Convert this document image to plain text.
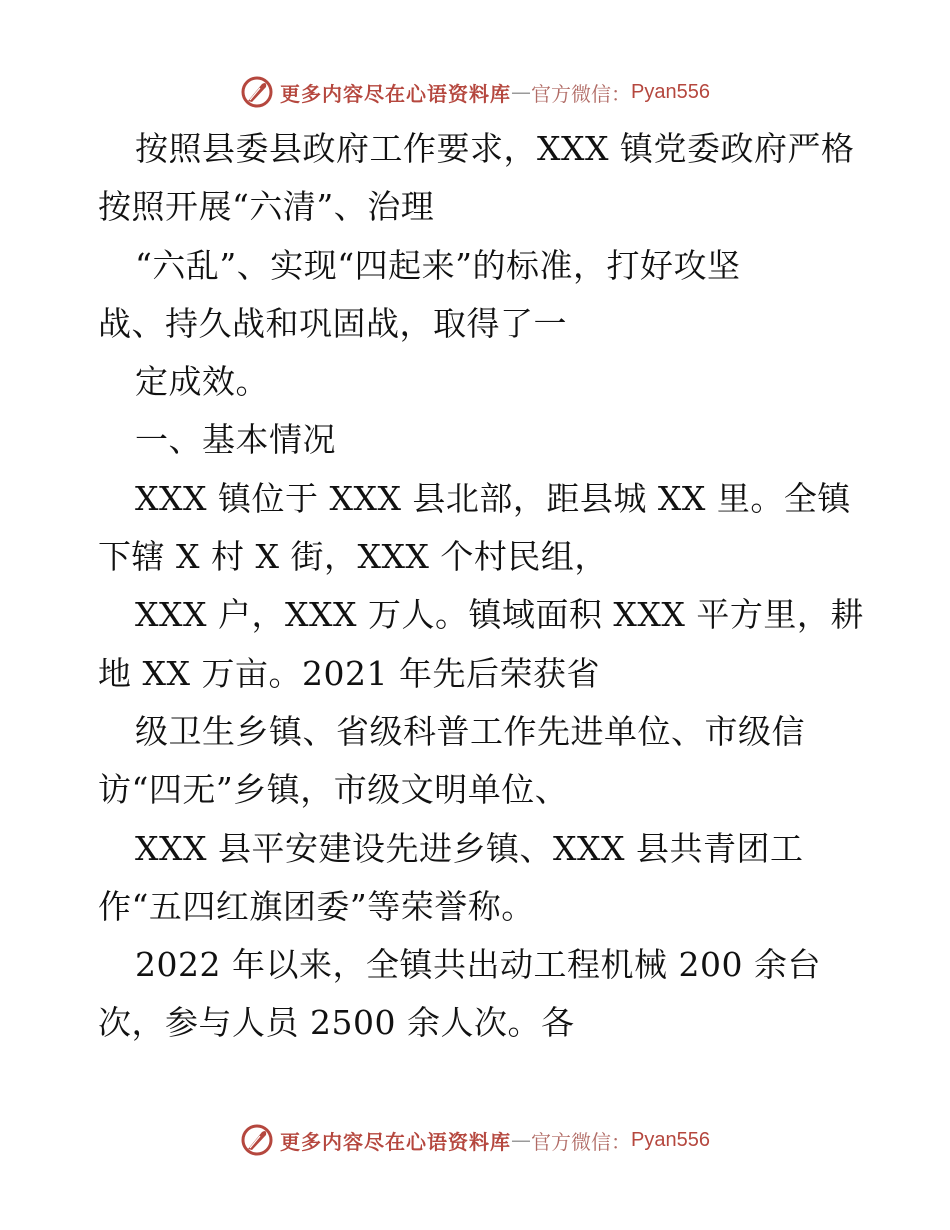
更多内容尽在心语资料库 — 官方微信： Pyan556
按照县委县政府工作要求，XXX 镇党委政府严格
按照开展“六清”、治理
“六乱”、实现“四起来”的标准，打好攻坚
战、持久战和巩固战，取得了一
定成效。
一、基本情况
XXX 镇位于 XXX 县北部，距县城 XX 里。全镇
下辖 X 村 X 街，XXX 个村民组，
XXX 户，XXX 万人。镇域面积 XXX 平方里，耕
地 XX 万亩。2021 年先后荣获省
级卫生乡镇、省级科普工作先进单位、市级信
访“四无”乡镇，市级文明单位、
XXX 县平安建设先进乡镇、XXX 县共青团工
作“五四红旗团委”等荣誉称。
2022 年以来，全镇共出动工程机械 200 余台
次，参与人员 2500 余人次。各
更多内容尽在心语资料库 — 官方微信： Pyan556
